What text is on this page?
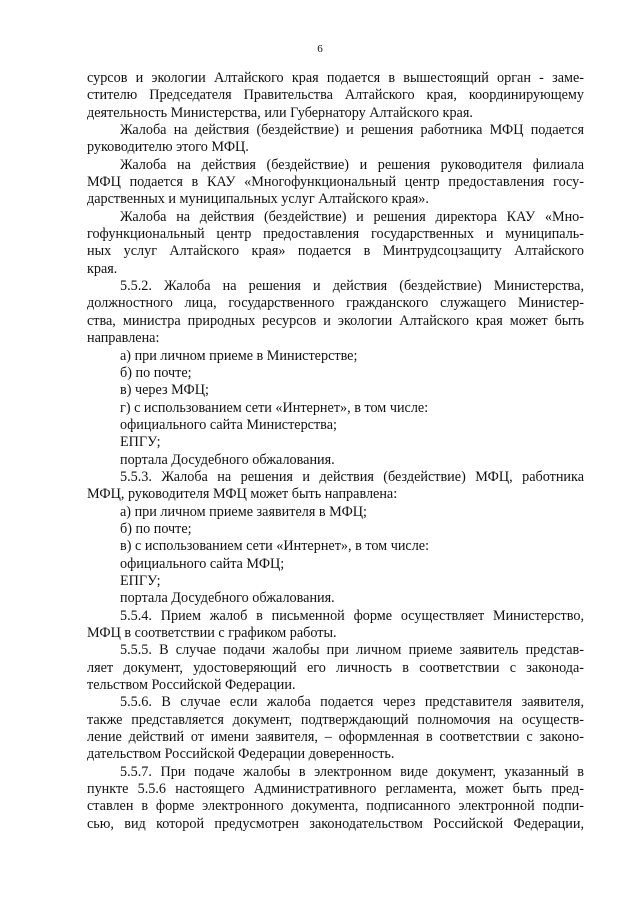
6
сурсов и экологии Алтайского края подается в вышестоящий орган - заме-
стителю Председателя Правительства Алтайского края, координирующему
деятельность Министерства, или Губернатору Алтайского края.
Жалоба на действия (бездействие) и решения работника МФЦ подается
руководителю этого МФЦ.
Жалоба на действия (бездействие) и решения руководителя филиала
МФЦ подается в КАУ «Многофункциональный центр предоставления госу-
дарственных и муниципальных услуг Алтайского края».
Жалоба на действия (бездействие) и решения директора КАУ «Мно-
гофункциональный центр предоставления государственных и муниципаль-
ных услуг Алтайского края» подается в Минтрудсоцзащиту Алтайского
края.
5.5.2. Жалоба на решения и действия (бездействие) Министерства,
должностного лица, государственного гражданского служащего Министер-
ства, министра природных ресурсов и экологии Алтайского края может быть
направлена:
а) при личном приеме в Министерстве;
б) по почте;
в) через МФЦ;
г) с использованием сети «Интернет», в том числе:
официального сайта Министерства;
ЕПГУ;
портала Досудебного обжалования.
5.5.3. Жалоба на решения и действия (бездействие) МФЦ, работника
МФЦ, руководителя МФЦ может быть направлена:
а) при личном приеме заявителя в МФЦ;
б) по почте;
в) с использованием сети «Интернет», в том числе:
официального сайта МФЦ;
ЕПГУ;
портала Досудебного обжалования.
5.5.4. Прием жалоб в письменной форме осуществляет Министерство,
МФЦ в соответствии с графиком работы.
5.5.5. В случае подачи жалобы при личном приеме заявитель представ-
ляет документ, удостоверяющий его личность в соответствии с законода-
тельством Российской Федерации.
5.5.6. В случае если жалоба подается через представителя заявителя,
также представляется документ, подтверждающий полномочия на осуществ-
ление действий от имени заявителя, – оформленная в соответствии с законо-
дательством Российской Федерации доверенность.
5.5.7. При подаче жалобы в электронном виде документ, указанный в
пункте 5.5.6 настоящего Административного регламента, может быть пред-
ставлен в форме электронного документа, подписанного электронной подпи-
сью, вид которой предусмотрен законодательством Российской Федерации,
